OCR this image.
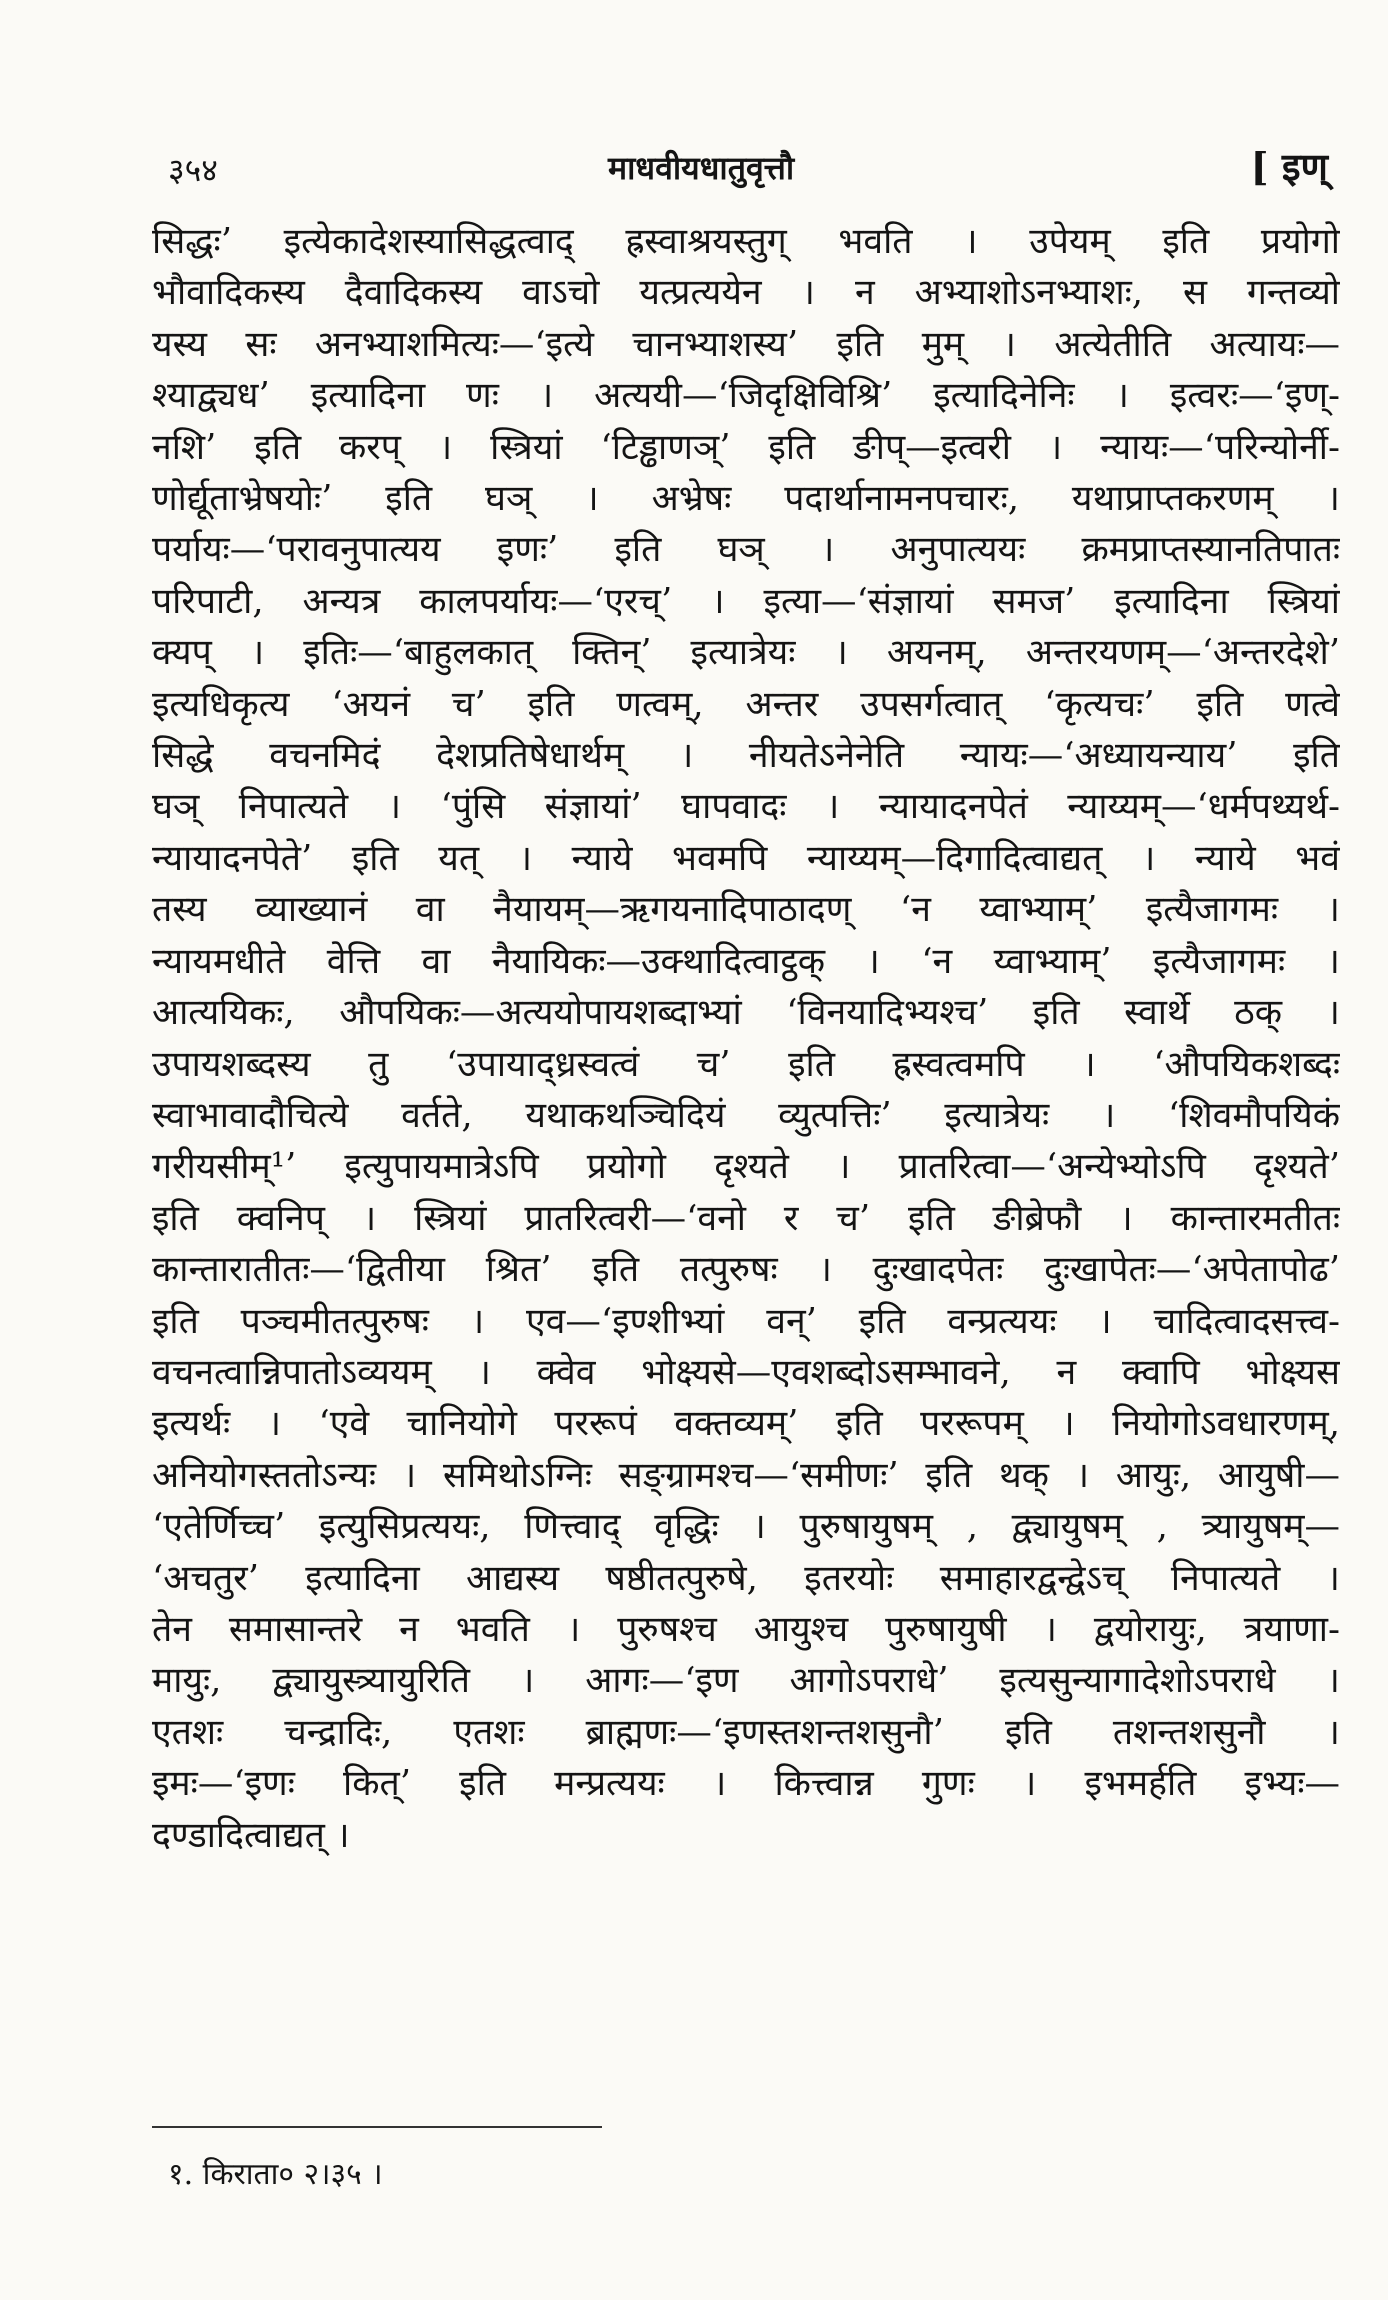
३५४	माधवीयधातुवृत्तौ	[ इण्
सिद्धः’ इत्येकादेशस्यासिद्धत्वाद् ह्रस्वाश्रयस्तुग् भवति । उपेयम् इति प्रयोगो
भौवादिकस्य दैवादिकस्य वाऽचो यत्प्रत्ययेन । न अभ्याशोऽनभ्याशः, स गन्तव्यो
यस्य सः अनभ्याशमित्यः—‘इत्ये चानभ्याशस्य’ इति मुम् । अत्येतीति अत्यायः—
श्याद्व्यध’ इत्यादिना णः । अत्ययी—‘जिदृक्षिविश्रि’ इत्यादिनेनिः । इत्वरः—‘इण्-
नशि’ इति करप् । स्त्रियां ‘टिड्ढाणञ्’ इति ङीप्—इत्वरी । न्यायः—‘परिन्योर्नी-
णोर्द्यूताभ्रेषयोः’ इति घञ् । अभ्रेषः पदार्थानामनपचारः, यथाप्राप्तकरणम् ।
पर्यायः—‘परावनुपात्यय इणः’ इति घञ् । अनुपात्ययः क्रमप्राप्तस्यानतिपातः
परिपाटी, अन्यत्र कालपर्यायः—‘एरच्’ । इत्या—‘संज्ञायां समज’ इत्यादिना स्त्रियां
क्यप् । इतिः—‘बाहुलकात् क्तिन्’ इत्यात्रेयः । अयनम्, अन्तरयणम्—‘अन्तरदेशे’
इत्यधिकृत्य ‘अयनं च’ इति णत्वम्, अन्तर उपसर्गत्वात् ‘कृत्यचः’ इति णत्वे
सिद्धे वचनमिदं देशप्रतिषेधार्थम् । नीयतेऽनेनेति न्यायः—‘अध्यायन्याय’ इति
घञ् निपात्यते । ‘पुंसि संज्ञायां’ घापवादः । न्यायादनपेतं न्याय्यम्—‘धर्मपथ्यर्थ-
न्यायादनपेते’ इति यत् । न्याये भवमपि न्याय्यम्—दिगादित्वाद्यत् । न्याये भवं
तस्य व्याख्यानं वा नैयायम्—ऋगयनादिपाठादण् ‘न य्वाभ्याम्’ इत्यैजागमः ।
न्यायमधीते वेत्ति वा नैयायिकः—उक्थादित्वाट्ठक् । ‘न य्वाभ्याम्’ इत्यैजागमः ।
आत्ययिकः, औपयिकः—अत्ययोपायशब्दाभ्यां ‘विनयादिभ्यश्च’ इति स्वार्थे ठक् ।
उपायशब्दस्य तु ‘उपायाद्ध्रस्वत्वं च’ इति ह्रस्वत्वमपि । ‘औपयिकशब्दः
स्वाभावादौचित्ये वर्तते, यथाकथञ्चिदियं व्युत्पत्तिः’ इत्यात्रेयः । ‘शिवमौपयिकं
गरीयसीम्¹’ इत्युपायमात्रेऽपि प्रयोगो दृश्यते । प्रातरित्वा—‘अन्येभ्योऽपि दृश्यते’
इति क्वनिप् । स्त्रियां प्रातरित्वरी—‘वनो र च’ इति ङीब्रेफौ । कान्तारमतीतः
कान्तारातीतः—‘द्वितीया श्रित’ इति तत्पुरुषः । दुःखादपेतः दुःखापेतः—‘अपेतापोढ’
इति पञ्चमीतत्पुरुषः । एव—‘इण्शीभ्यां वन्’ इति वन्प्रत्ययः । चादित्वादसत्त्व-
वचनत्वान्निपातोऽव्ययम् । क्वेव भोक्ष्यसे—एवशब्दोऽसम्भावने, न क्वापि भोक्ष्यस
इत्यर्थः । ‘एवे चानियोगे पररूपं वक्तव्यम्’ इति पररूपम् । नियोगोऽवधारणम्,
अनियोगस्ततोऽन्यः । समिथोऽग्निः सङ्ग्रामश्च—‘समीणः’ इति थक् । आयुः, आयुषी—
‘एतेर्णिच्च’ इत्युसिप्रत्ययः, णित्त्वाद् वृद्धिः । पुरुषायुषम् , द्व्यायुषम् , त्र्यायुषम्—
‘अचतुर’ इत्यादिना आद्यस्य षष्ठीतत्पुरुषे, इतरयोः समाहारद्वन्द्वेऽच् निपात्यते ।
तेन समासान्तरे न भवति । पुरुषश्च आयुश्च पुरुषायुषी । द्वयोरायुः, त्रयाणा-
मायुः, द्व्यायुस्त्र्यायुरिति । आगः—‘इण आगोऽपराधे’ इत्यसुन्यागादेशोऽपराधे ।
एतशः चन्द्रादिः, एतशः ब्राह्मणः—‘इणस्तशन्तशसुनौ’ इति तशन्तशसुनौ ।
इमः—‘इणः कित्’ इति मन्प्रत्ययः । कित्त्वान्न गुणः । इभमर्हति इभ्यः—
दण्डादित्वाद्यत् ।
१. किराता० २।३५ ।
